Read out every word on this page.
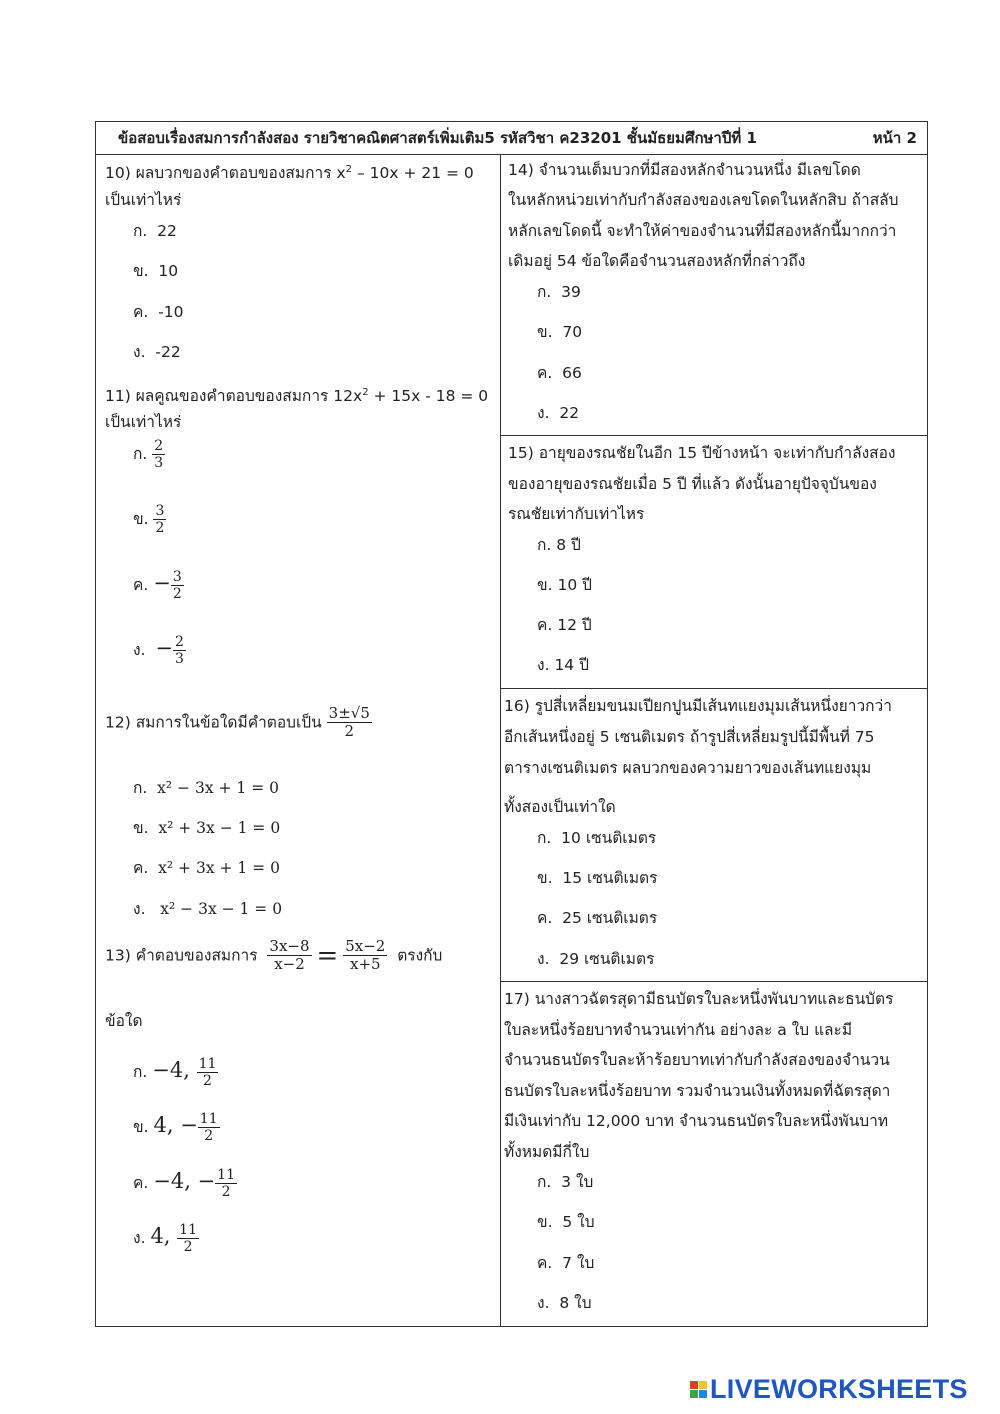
ข้อสอบเรื่องสมการกำลังสอง รายวิชาคณิตศาสตร์เพิ่มเติม5 รหัสวิชา ค23201 ชั้นมัธยมศึกษาปีที่ 1	หน้า 2
10) ผลบวกของคำตอบของสมการ $x^2 - 10x + 21 = 0$
เป็นเท่าไหร่
ก. 22
ข. 10
ค. -10
ง. -22
11) ผลคูณของคำตอบของสมการ $12x^2 + 15x - 18 = 0$
เป็นเท่าไหร่
ก. $\frac{2}{3}$
ข. $\frac{3}{2}$
ค. − $\frac{3}{2}$
ง. − $\frac{2}{3}$
12) สมการในข้อใดมีคำตอบเป็น $\frac{3\pm√5}{2}$
ก. x² − 3x + 1 = 0
ข. x² + 3x − 1 = 0
ค. x² + 3x + 1 = 0
ง. x² − 3x − 1 = 0
13) คำตอบของสมการ $\frac{3x-8}{x-2} = \frac{5x-2}{x+5}$ ตรงกับ
ข้อใด
ก. −4, $\frac{11}{2}$
ข. 4, − $\frac{11}{2}$
ค. −4, − $\frac{11}{2}$
ง. 4, $\frac{11}{2}$
14) จำนวนเต็มบวกที่มีสองหลักจำนวนหนึ่ง มีเลขโดด
ในหลักหน่วยเท่ากับกำลังสองของเลขโดดในหลักสิบ ถ้าสลับ
หลักเลขโดดนี้ จะทำให้ค่าของจำนวนที่มีสองหลักนี้มากกว่า
เดิมอยู่ 54 ข้อใดคือจำนวนสองหลักที่กล่าวถึง
ก. 39
ข. 70
ค. 66
ง. 22
15) อายุของรณชัยในอีก 15 ปีข้างหน้า จะเท่ากับกำลังสอง
ของอายุของรณชัยเมื่อ 5 ปี ที่แล้ว ดังนั้นอายุปัจจุบันของ
รณชัยเท่ากับเท่าไหร
ก. 8 ปี
ข. 10 ปี
ค. 12 ปี
ง. 14 ปี
16) รูปสี่เหลี่ยมขนมเปียกปูนมีเส้นทแยงมุมเส้นหนึ่งยาวกว่า
อีกเส้นหนึ่งอยู่ 5 เซนติเมตร ถ้ารูปสี่เหลี่ยมรูปนี้มีพื้นที่ 75
ตารางเซนติเมตร ผลบวกของความยาวของเส้นทแยงมุม
ทั้งสองเป็นเท่าใด
ก. 10 เซนติเมตร
ข. 15 เซนติเมตร
ค. 25 เซนติเมตร
ง. 29 เซนติเมตร
17) นางสาวฉัตรสุดามีธนบัตรใบละหนึ่งพันบาทและธนบัตร
ใบละหนึ่งร้อยบาทจำนวนเท่ากัน อย่างละ a ใบ และมี
จำนวนธนบัตรใบละห้าร้อยบาทเท่ากับกำลังสองของจำนวน
ธนบัตรใบละหนึ่งร้อยบาท รวมจำนวนเงินทั้งหมดที่ฉัตรสุดา
มีเงินเท่ากับ 12,000 บาท จำนวนธนบัตรใบละหนึ่งพันบาท
ทั้งหมดมีกี่ใบ
ก. 3 ใบ
ข. 5 ใบ
ค. 7 ใบ
ง. 8 ใบ
LIVEWORKSHEETS
